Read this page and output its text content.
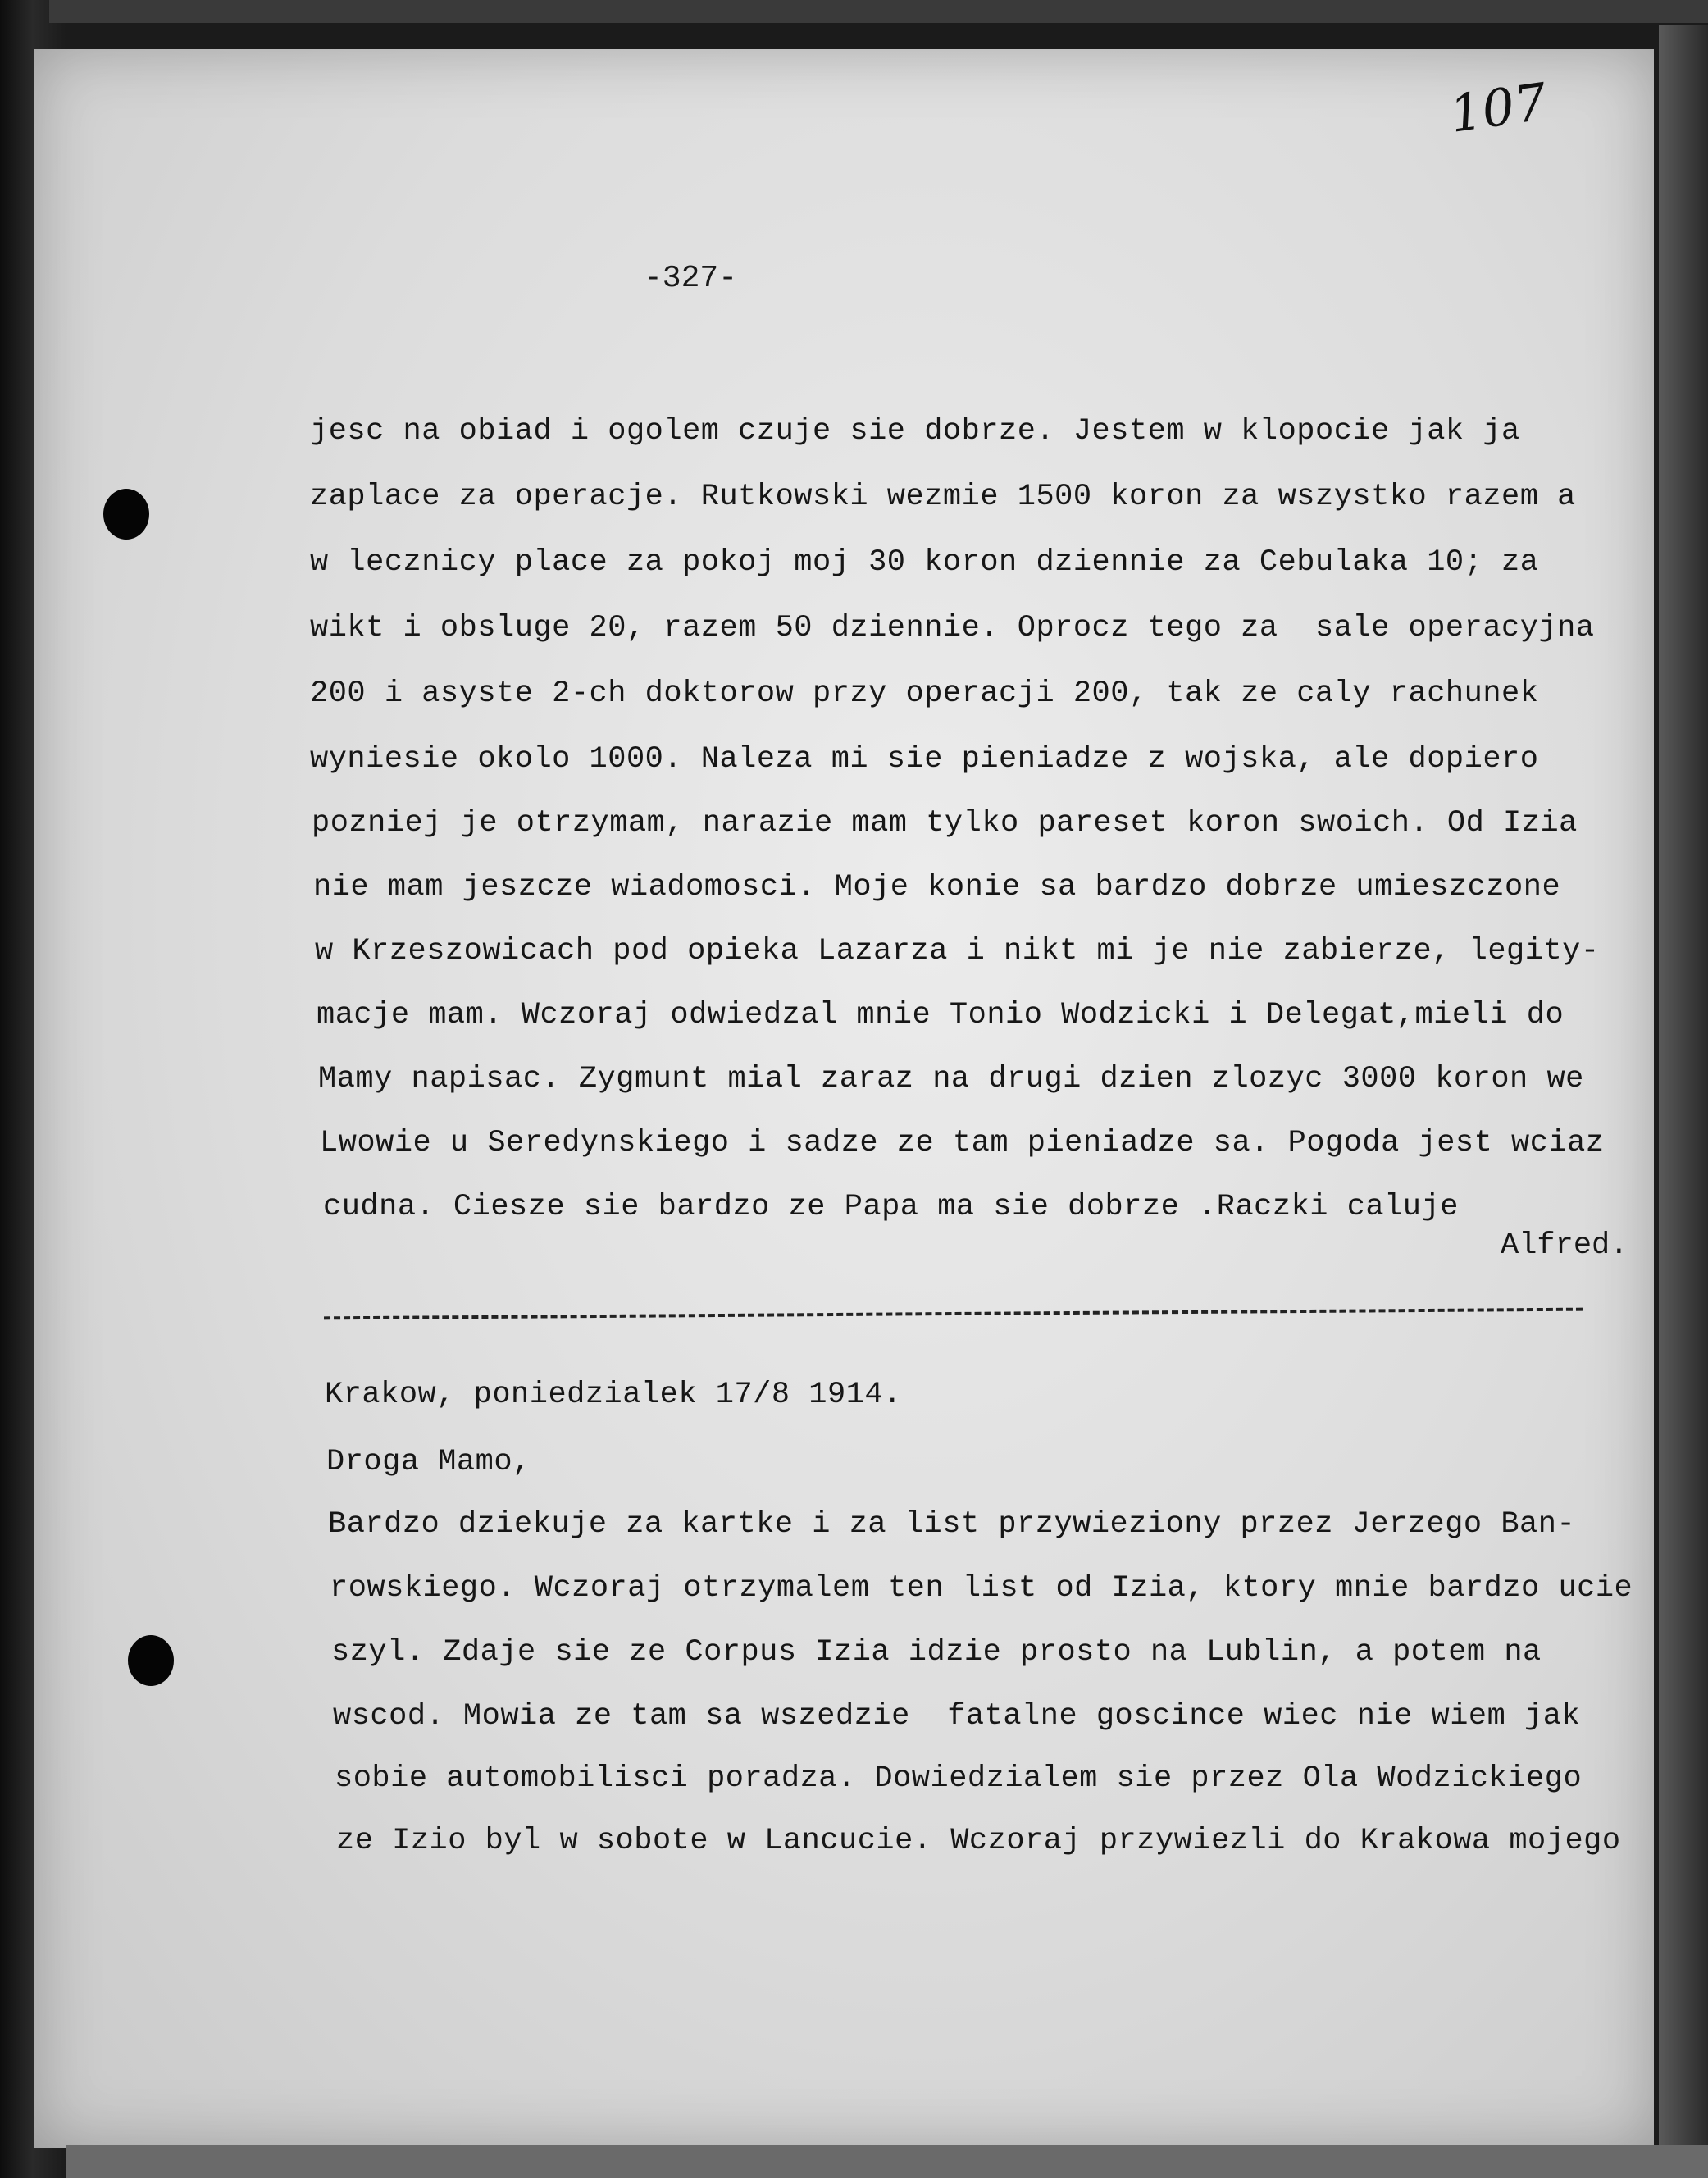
107
-327-
jesc na obiad i ogolem czuje sie dobrze. Jestem w klopocie jak ja
zaplace za operacje. Rutkowski wezmie 1500 koron za wszystko razem a
w lecznicy place za pokoj moj 30 koron dziennie za Cebulaka 10; za
wikt i obsluge 20, razem 50 dziennie. Oprocz tego za  sale operacyjna
200 i asyste 2-ch doktorow przy operacji 200, tak ze caly rachunek
wyniesie okolo 1000. Naleza mi sie pieniadze z wojska, ale dopiero
pozniej je otrzymam, narazie mam tylko pareset koron swoich. Od Izia
nie mam jeszcze wiadomosci. Moje konie sa bardzo dobrze umieszczone
w Krzeszowicach pod opieka Lazarza i nikt mi je nie zabierze, legity-
macje mam. Wczoraj odwiedzal mnie Tonio Wodzicki i Delegat,mieli do
Mamy napisac. Zygmunt mial zaraz na drugi dzien zlozyc 3000 koron we
Lwowie u Seredynskiego i sadze ze tam pieniadze sa. Pogoda jest wciaz
cudna. Ciesze sie bardzo ze Papa ma sie dobrze .Raczki caluje
Alfred.
Krakow, poniedzialek 17/8 1914.
Droga Mamo,
Bardzo dziekuje za kartke i za list przywieziony przez Jerzego Ban-
rowskiego. Wczoraj otrzymalem ten list od Izia, ktory mnie bardzo ucie
szyl. Zdaje sie ze Corpus Izia idzie prosto na Lublin, a potem na
wscod. Mowia ze tam sa wszedzie  fatalne goscince wiec nie wiem jak
sobie automobilisci poradza. Dowiedzialem sie przez Ola Wodzickiego
ze Izio byl w sobote w Lancucie. Wczoraj przywiezli do Krakowa mojego
